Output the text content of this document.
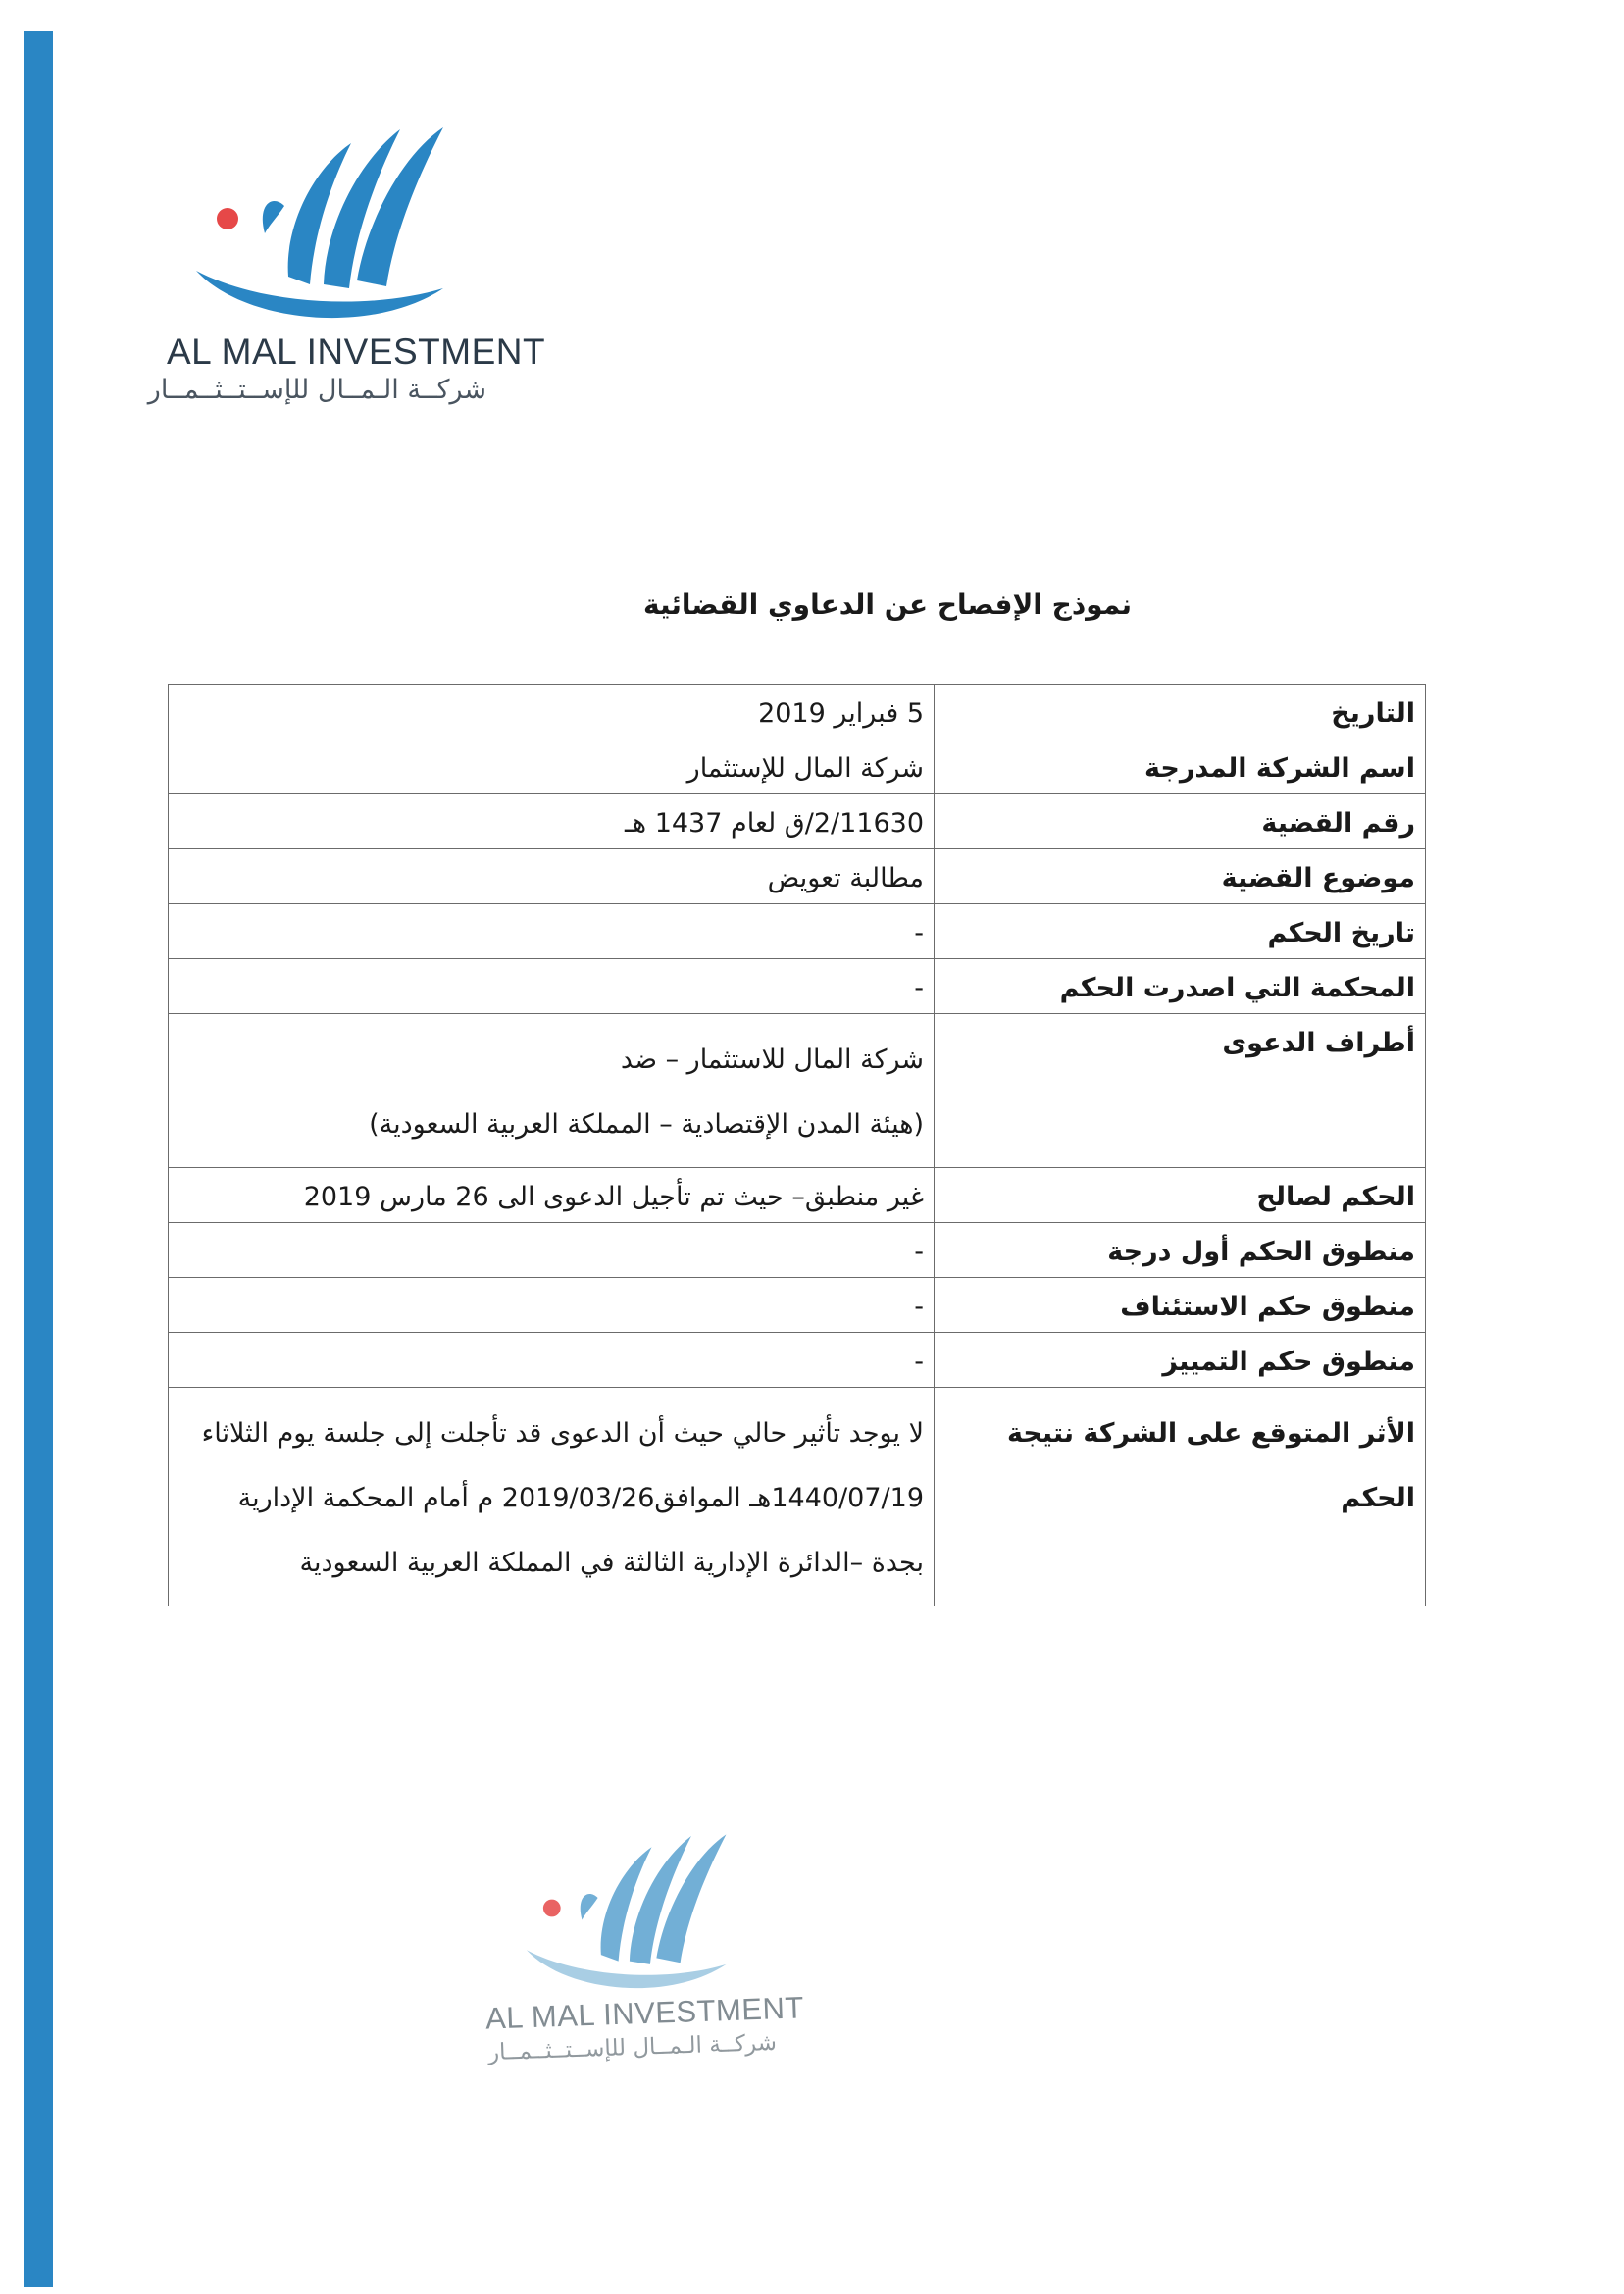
AL MAL INVESTMENT
شركــة الـمــال للإســتــثــمــار
نموذج الإفصاح عن الدعاوي القضائية
التاريخ	5 فبراير 2019
اسم الشركة المدرجة	شركة المال للإستثمار
رقم القضية	2/11630/ق لعام 1437 هـ
موضوع القضية	مطالبة تعويض
تاريخ الحكم	-
المحكمة التي اصدرت الحكم	-
أطراف الدعوى	شركة المال للاستثمار – ضد
(هيئة المدن الإقتصادية – المملكة العربية السعودية)

الحكم لصالح	غير منطبق– حيث تم تأجيل الدعوى الى 26 مارس 2019
منطوق الحكم أول درجة	-
منطوق حكم الاستئناف	-
منطوق حكم التمييز	-
الأثر المتوقع على الشركة نتيجة الحكم	لا يوجد تأثير حالي حيث أن الدعوى قد تأجلت إلى جلسة يوم الثلاثاء 1440/07/19هـ الموافق2019/03/26 م أمام المحكمة الإدارية بجدة –الدائرة الإدارية الثالثة في المملكة العربية السعودية
AL MAL INVESTMENT
شركــة الـمــال للإســتــثــمــار
